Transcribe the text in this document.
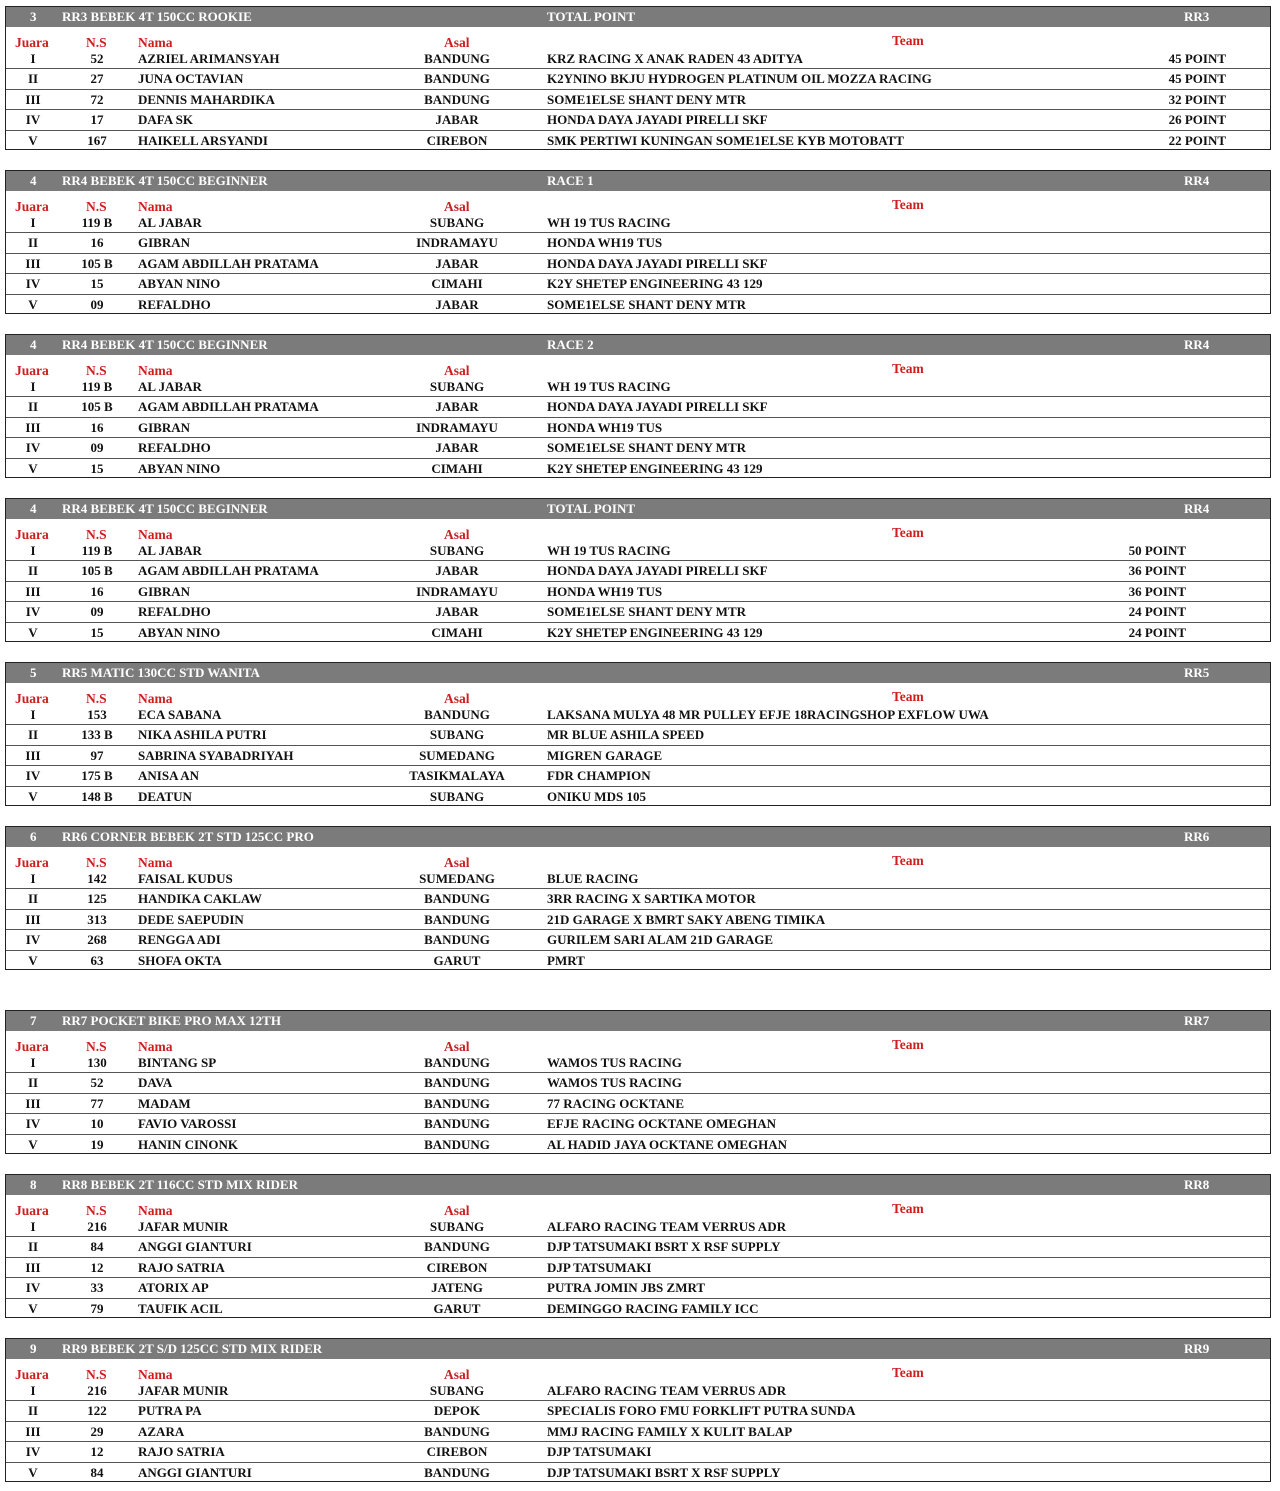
3 RR3 BEBEK 4T 150CC ROOKIE	TOTAL POINT	RR3
Juara	N.S Nama	Asal	Team
I	52	AZRIEL ARIMANSYAH	BANDUNG	KRZ RACING X ANAK RADEN 43 ADITYA	45 POINT
II	27	JUNA OCTAVIAN	BANDUNG	K2YNINO BKJU HYDROGEN PLATINUM OIL MOZZA RACING	45 POINT
III	72	DENNIS MAHARDIKA	BANDUNG	SOME1ELSE SHANT DENY MTR	32 POINT
IV	17	DAFA SK	JABAR	HONDA DAYA JAYADI PIRELLI SKF	26 POINT
V	167	HAIKELL ARSYANDI	CIREBON	SMK PERTIWI KUNINGAN SOME1ELSE KYB MOTOBATT	22 POINT
4 RR4 BEBEK 4T 150CC BEGINNER	RACE 1	RR4
Juara	N.S Nama	Asal	Team
I	119 B	AL JABAR	SUBANG	WH 19 TUS RACING
II	16	GIBRAN	INDRAMAYU	HONDA WH19 TUS
III	105 B	AGAM ABDILLAH PRATAMA	JABAR	HONDA DAYA JAYADI PIRELLI SKF
IV	15	ABYAN NINO	CIMAHI	K2Y SHETEP ENGINEERING 43 129
V	09	REFALDHO	JABAR	SOME1ELSE SHANT DENY MTR
4 RR4 BEBEK 4T 150CC BEGINNER	RACE 2	RR4
Juara	N.S Nama	Asal	Team
I	119 B	AL JABAR	SUBANG	WH 19 TUS RACING
II	105 B	AGAM ABDILLAH PRATAMA	JABAR	HONDA DAYA JAYADI PIRELLI SKF
III	16	GIBRAN	INDRAMAYU	HONDA WH19 TUS
IV	09	REFALDHO	JABAR	SOME1ELSE SHANT DENY MTR
V	15	ABYAN NINO	CIMAHI	K2Y SHETEP ENGINEERING 43 129
4 RR4 BEBEK 4T 150CC BEGINNER	TOTAL POINT	RR4
Juara	N.S Nama	Asal	Team
I	119 B	AL JABAR	SUBANG	WH 19 TUS RACING	50 POINT
II	105 B	AGAM ABDILLAH PRATAMA	JABAR	HONDA DAYA JAYADI PIRELLI SKF	36 POINT
III	16	GIBRAN	INDRAMAYU	HONDA WH19 TUS	36 POINT
IV	09	REFALDHO	JABAR	SOME1ELSE SHANT DENY MTR	24 POINT
V	15	ABYAN NINO	CIMAHI	K2Y SHETEP ENGINEERING 43 129	24 POINT
5 RR5 MATIC 130CC STD WANITA	RR5
Juara	N.S Nama	Asal	Team
I	153	ECA SABANA	BANDUNG	LAKSANA MULYA 48 MR PULLEY EFJE 18RACINGSHOP EXFLOW UWA
II	133 B	NIKA ASHILA PUTRI	SUBANG	MR BLUE ASHILA SPEED
III	97	SABRINA SYABADRIYAH	SUMEDANG	MIGREN GARAGE
IV	175 B	ANISA AN	TASIKMALAYA	FDR CHAMPION
V	148 B	DEATUN	SUBANG	ONIKU MDS 105
6 RR6 CORNER BEBEK 2T STD 125CC PRO	RR6
Juara	N.S Nama	Asal	Team
I	142	FAISAL KUDUS	SUMEDANG	BLUE RACING
II	125	HANDIKA CAKLAW	BANDUNG	3RR RACING X SARTIKA MOTOR
III	313	DEDE SAEPUDIN	BANDUNG	21D GARAGE X BMRT SAKY ABENG TIMIKA
IV	268	RENGGA ADI	BANDUNG	GURILEM SARI ALAM 21D GARAGE
V	63	SHOFA OKTA	GARUT	PMRT
7 RR7 POCKET BIKE PRO MAX 12TH	RR7
Juara	N.S Nama	Asal	Team
I	130	BINTANG SP	BANDUNG	WAMOS TUS RACING
II	52	DAVA	BANDUNG	WAMOS TUS RACING
III	77	MADAM	BANDUNG	77 RACING OCKTANE
IV	10	FAVIO VAROSSI	BANDUNG	EFJE RACING OCKTANE OMEGHAN
V	19	HANIN CINONK	BANDUNG	AL HADID JAYA OCKTANE OMEGHAN
8 RR8 BEBEK 2T 116CC STD MIX RIDER	RR8
Juara	N.S Nama	Asal	Team
I	216	JAFAR MUNIR	SUBANG	ALFARO RACING TEAM VERRUS ADR
II	84	ANGGI GIANTURI	BANDUNG	DJP TATSUMAKI BSRT X RSF SUPPLY
III	12	RAJO SATRIA	CIREBON	DJP TATSUMAKI
IV	33	ATORIX AP	JATENG	PUTRA JOMIN JBS ZMRT
V	79	TAUFIK ACIL	GARUT	DEMINGGO RACING FAMILY ICC
9 RR9 BEBEK 2T S/D 125CC STD MIX RIDER	RR9
Juara	N.S Nama	Asal	Team
I	216	JAFAR MUNIR	SUBANG	ALFARO RACING TEAM VERRUS ADR
II	122	PUTRA PA	DEPOK	SPECIALIS FORO FMU FORKLIFT PUTRA SUNDA
III	29	AZARA	BANDUNG	MMJ RACING FAMILY X KULIT BALAP
IV	12	RAJO SATRIA	CIREBON	DJP TATSUMAKI
V	84	ANGGI GIANTURI	BANDUNG	DJP TATSUMAKI BSRT X RSF SUPPLY
